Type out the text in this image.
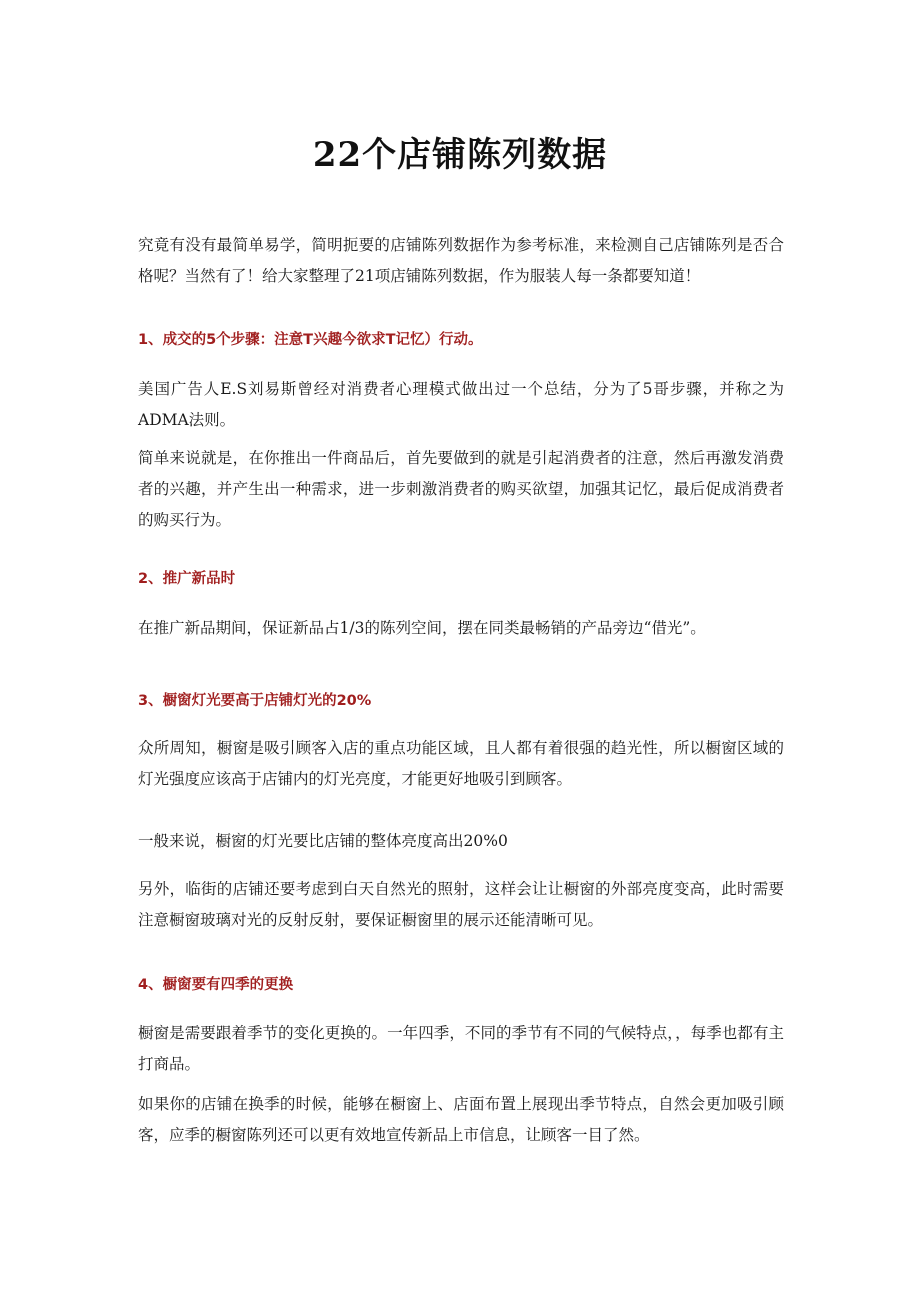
22个店铺陈列数据
究竟有没有最简单易学，简明扼要的店铺陈列数据作为参考标准，来检测自己店铺陈列是否合格呢？当然有了！给大家整理了21项店铺陈列数据，作为服装人每一条都要知道！
1、成交的5个步骤：注意T兴趣今欲求T记忆）行动。
美国广告人E.S刘易斯曾经对消费者心理模式做出过一个总结，分为了5哥步骤，并称之为ADMA法则。
简单来说就是，在你推出一件商品后，首先要做到的就是引起消费者的注意，然后再激发消费者的兴趣，并产生出一种需求，进一步刺激消费者的购买欲望，加强其记忆，最后促成消费者的购买行为。
2、推广新品时
在推广新品期间，保证新品占1/3的陈列空间，摆在同类最畅销的产品旁边“借光”。
3、橱窗灯光要高于店铺灯光的20%
众所周知，橱窗是吸引顾客入店的重点功能区域，且人都有着很强的趋光性，所以橱窗区域的灯光强度应该高于店铺内的灯光亮度，才能更好地吸引到顾客。
一般来说，橱窗的灯光要比店铺的整体亮度高出20%0
另外，临街的店铺还要考虑到白天自然光的照射，这样会让让橱窗的外部亮度变高，此时需要注意橱窗玻璃对光的反射反射，要保证橱窗里的展示还能清晰可见。
4、橱窗要有四季的更换
橱窗是需要跟着季节的变化更换的。一年四季，不同的季节有不同的气候特点，，每季也都有主打商品。
如果你的店铺在换季的时候，能够在橱窗上、店面布置上展现出季节特点，自然会更加吸引顾客，应季的橱窗陈列还可以更有效地宣传新品上市信息，让顾客一目了然。
